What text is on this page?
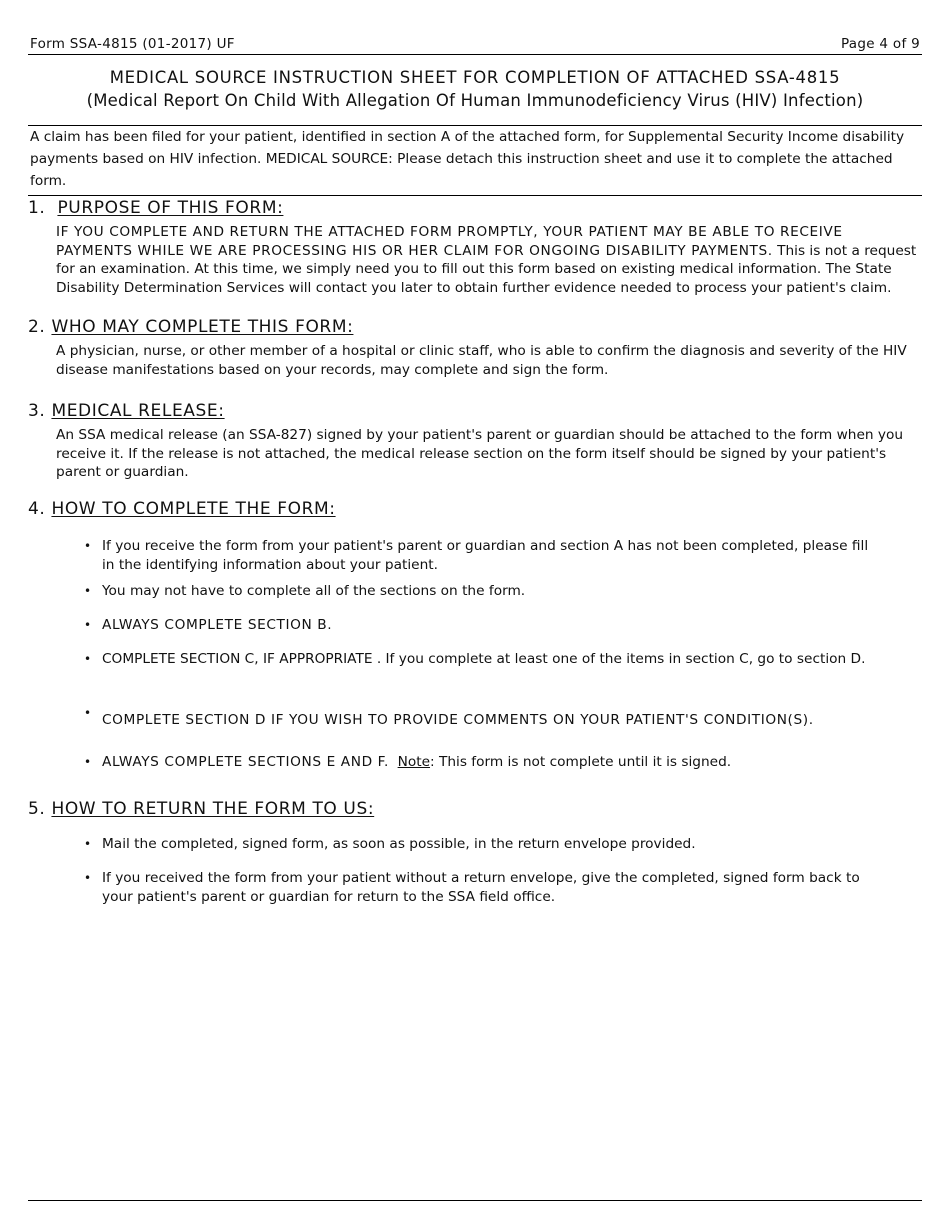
Form SSA-4815 (01-2017) UF	Page 4 of 9
MEDICAL SOURCE INSTRUCTION SHEET FOR COMPLETION OF ATTACHED SSA-4815
(Medical Report On Child With Allegation Of Human Immunodeficiency Virus (HIV) Infection)
A claim has been filed for your patient, identified in section A of the attached form, for Supplemental Security Income disability payments based on HIV infection. MEDICAL SOURCE: Please detach this instruction sheet and use it to complete the attached form.
1. PURPOSE OF THIS FORM:
IF YOU COMPLETE AND RETURN THE ATTACHED FORM PROMPTLY, YOUR PATIENT MAY BE ABLE TO RECEIVE PAYMENTS WHILE WE ARE PROCESSING HIS OR HER CLAIM FOR ONGOING DISABILITY PAYMENTS. This is not a request for an examination. At this time, we simply need you to fill out this form based on existing medical information. The State Disability Determination Services will contact you later to obtain further evidence needed to process your patient's claim.
2. WHO MAY COMPLETE THIS FORM:
A physician, nurse, or other member of a hospital or clinic staff, who is able to confirm the diagnosis and severity of the HIV disease manifestations based on your records, may complete and sign the form.
3. MEDICAL RELEASE:
An SSA medical release (an SSA-827) signed by your patient's parent or guardian should be attached to the form when you receive it. If the release is not attached, the medical release section on the form itself should be signed by your patient's parent or guardian.
4. HOW TO COMPLETE THE FORM:
• If you receive the form from your patient's parent or guardian and section A has not been completed, please fill in the identifying information about your patient.
• You may not have to complete all of the sections on the form.
• ALWAYS COMPLETE SECTION B.
• COMPLETE SECTION C, IF APPROPRIATE . If you complete at least one of the items in section C, go to section D.
• COMPLETE SECTION D IF YOU WISH TO PROVIDE COMMENTS ON YOUR PATIENT'S CONDITION(S).
• ALWAYS COMPLETE SECTIONS E AND F. Note: This form is not complete until it is signed.
5. HOW TO RETURN THE FORM TO US:
• Mail the completed, signed form, as soon as possible, in the return envelope provided.
• If you received the form from your patient without a return envelope, give the completed, signed form back to your patient's parent or guardian for return to the SSA field office.
